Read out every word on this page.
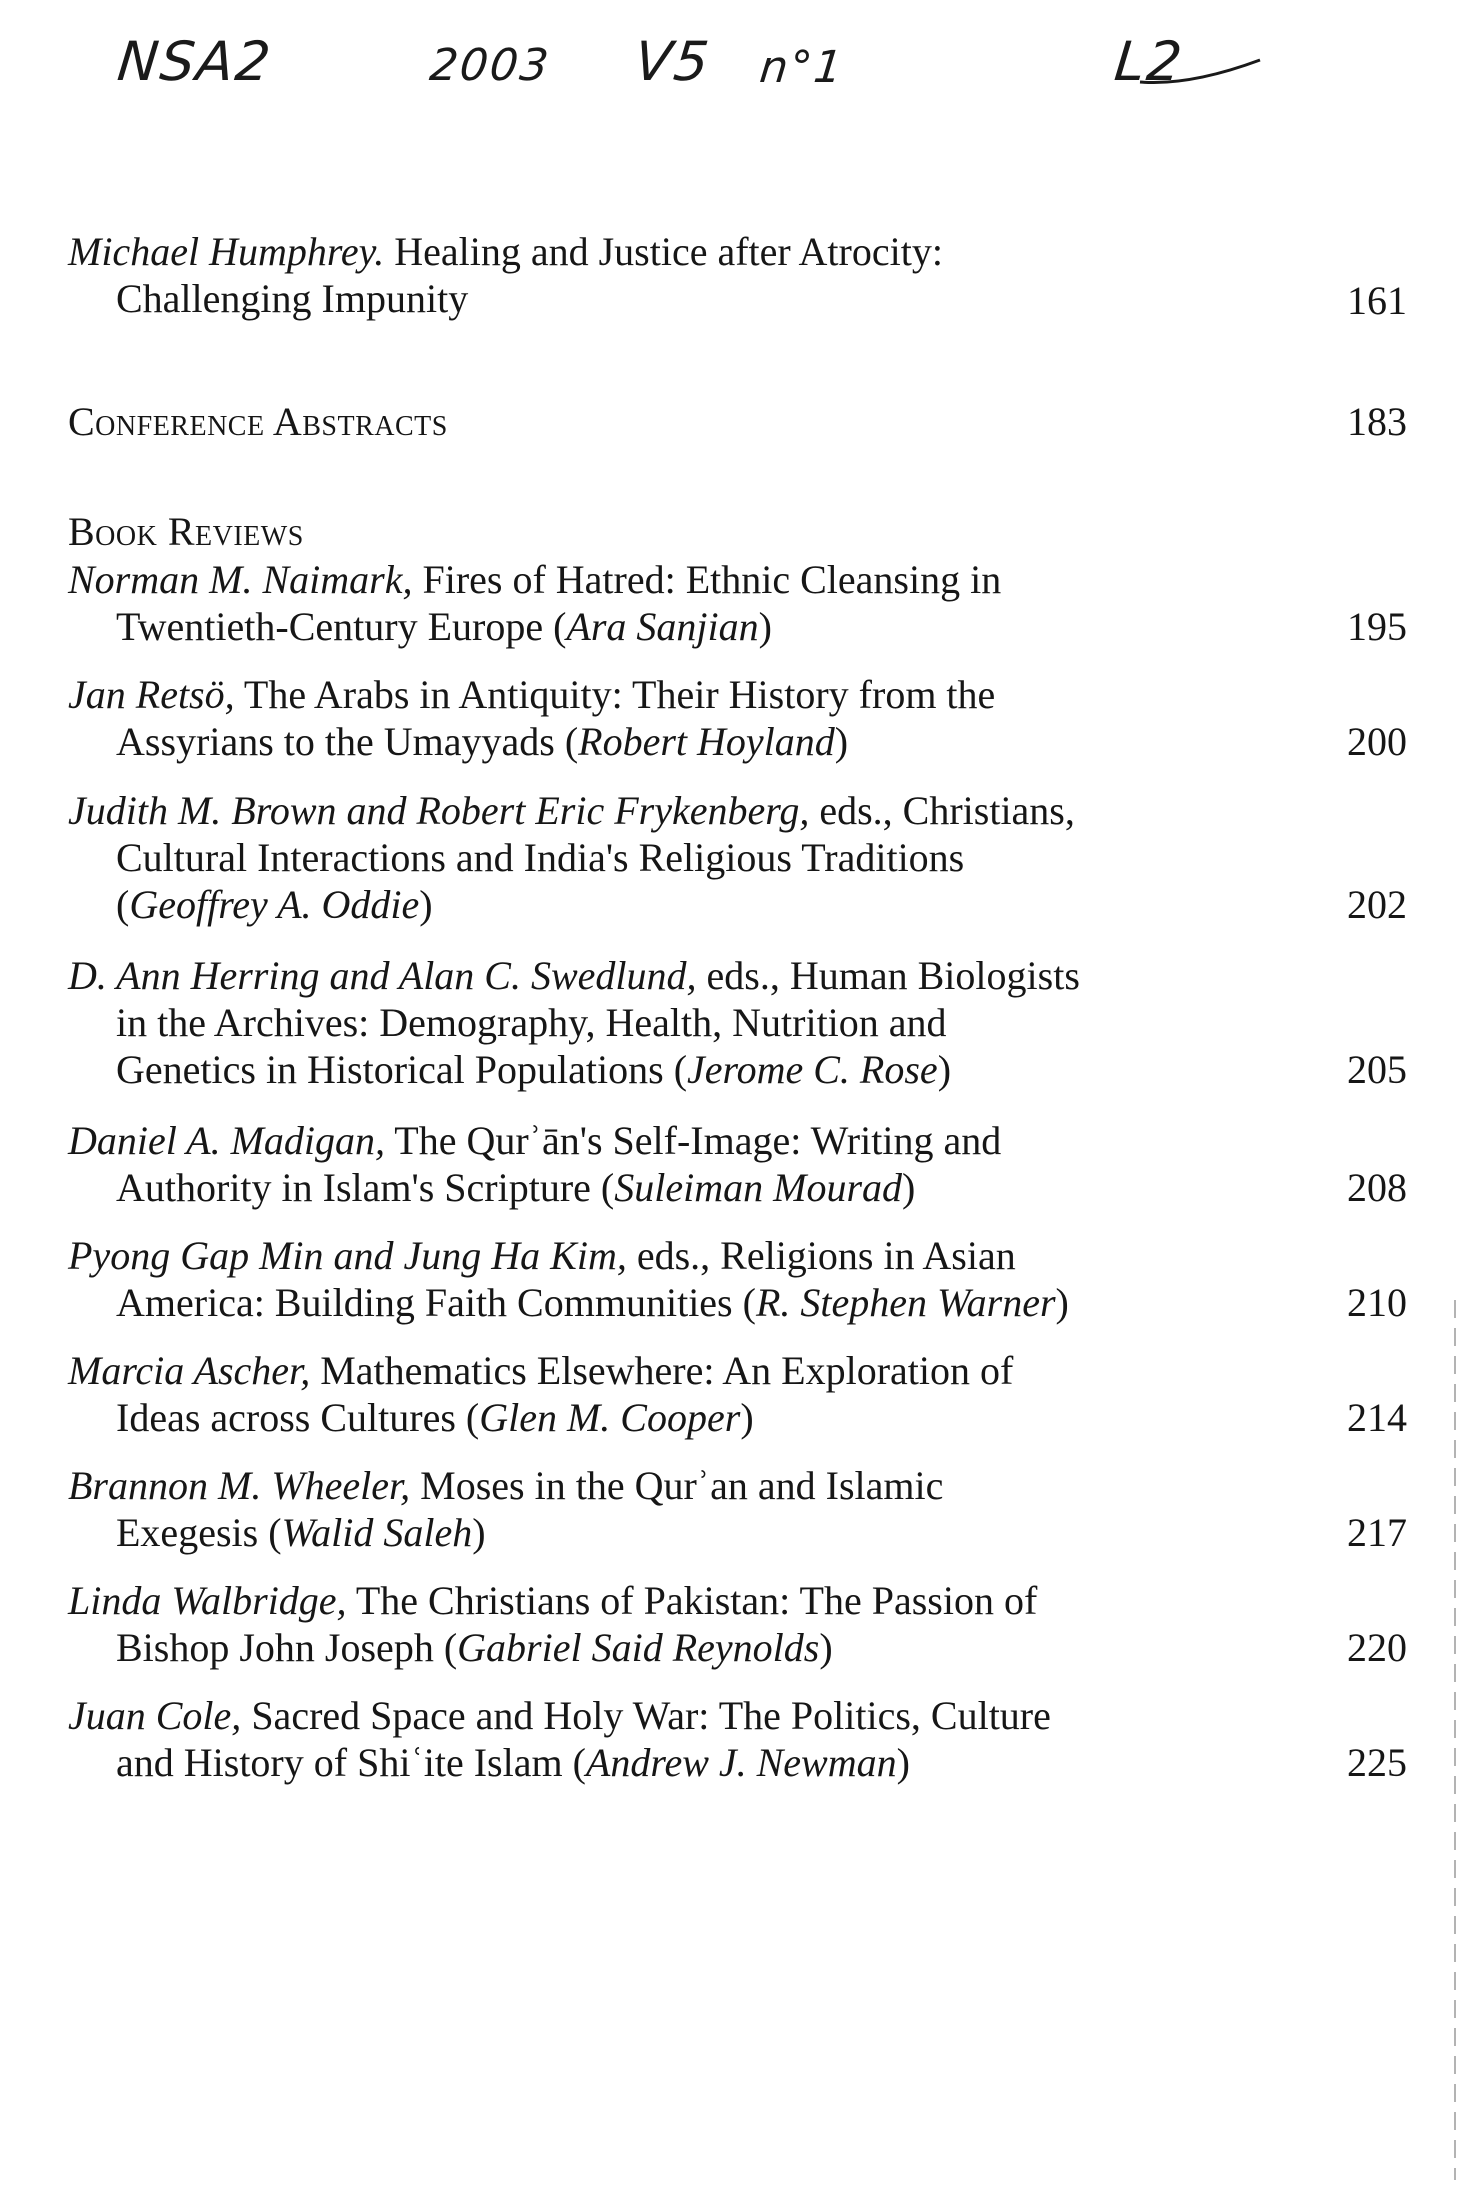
NSA2	2003 V5 n°1	L2
Michael Humphrey. Healing and Justice after Atrocity:
Challenging Impunity	161
Conference Abstracts	183
Book Reviews
Norman M. Naimark, Fires of Hatred: Ethnic Cleansing in
Twentieth-Century Europe (Ara Sanjian)	195
Jan Retsö, The Arabs in Antiquity: Their History from the
Assyrians to the Umayyads (Robert Hoyland)	200
Judith M. Brown and Robert Eric Frykenberg, eds., Christians,
Cultural Interactions and India's Religious Traditions
(Geoffrey A. Oddie)	202
D. Ann Herring and Alan C. Swedlund, eds., Human Biologists
in the Archives: Demography, Health, Nutrition and
Genetics in Historical Populations (Jerome C. Rose)	205
Daniel A. Madigan, The Qurʾān's Self-Image: Writing and
Authority in Islam's Scripture (Suleiman Mourad)	208
Pyong Gap Min and Jung Ha Kim, eds., Religions in Asian
America: Building Faith Communities (R. Stephen Warner)	210
Marcia Ascher, Mathematics Elsewhere: An Exploration of
Ideas across Cultures (Glen M. Cooper)	214
Brannon M. Wheeler, Moses in the Qurʾan and Islamic
Exegesis (Walid Saleh)	217
Linda Walbridge, The Christians of Pakistan: The Passion of
Bishop John Joseph (Gabriel Said Reynolds)	220
Juan Cole, Sacred Space and Holy War: The Politics, Culture
and History of Shiʿite Islam (Andrew J. Newman)	225
